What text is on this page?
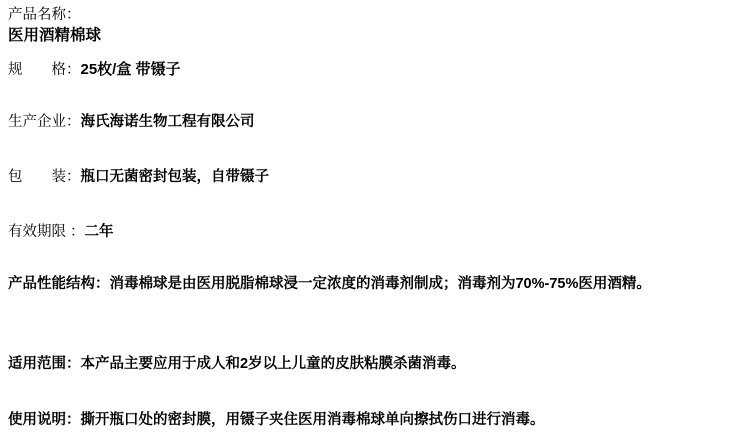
产品名称：
医用酒精棉球
规　　格：25枚/盒 带镊子
生产企业：海氏海诺生物工程有限公司
包　　装：瓶口无菌密封包装，自带镊子
有效期限 ：二年
产品性能结构：消毒棉球是由医用脱脂棉球浸一定浓度的消毒剂制成；消毒剂为70%-75%医用酒精。
适用范围：本产品主要应用于成人和2岁以上儿童的皮肤粘膜杀菌消毒。
使用说明：撕开瓶口处的密封膜，用镊子夹住医用消毒棉球单向擦拭伤口进行消毒。
